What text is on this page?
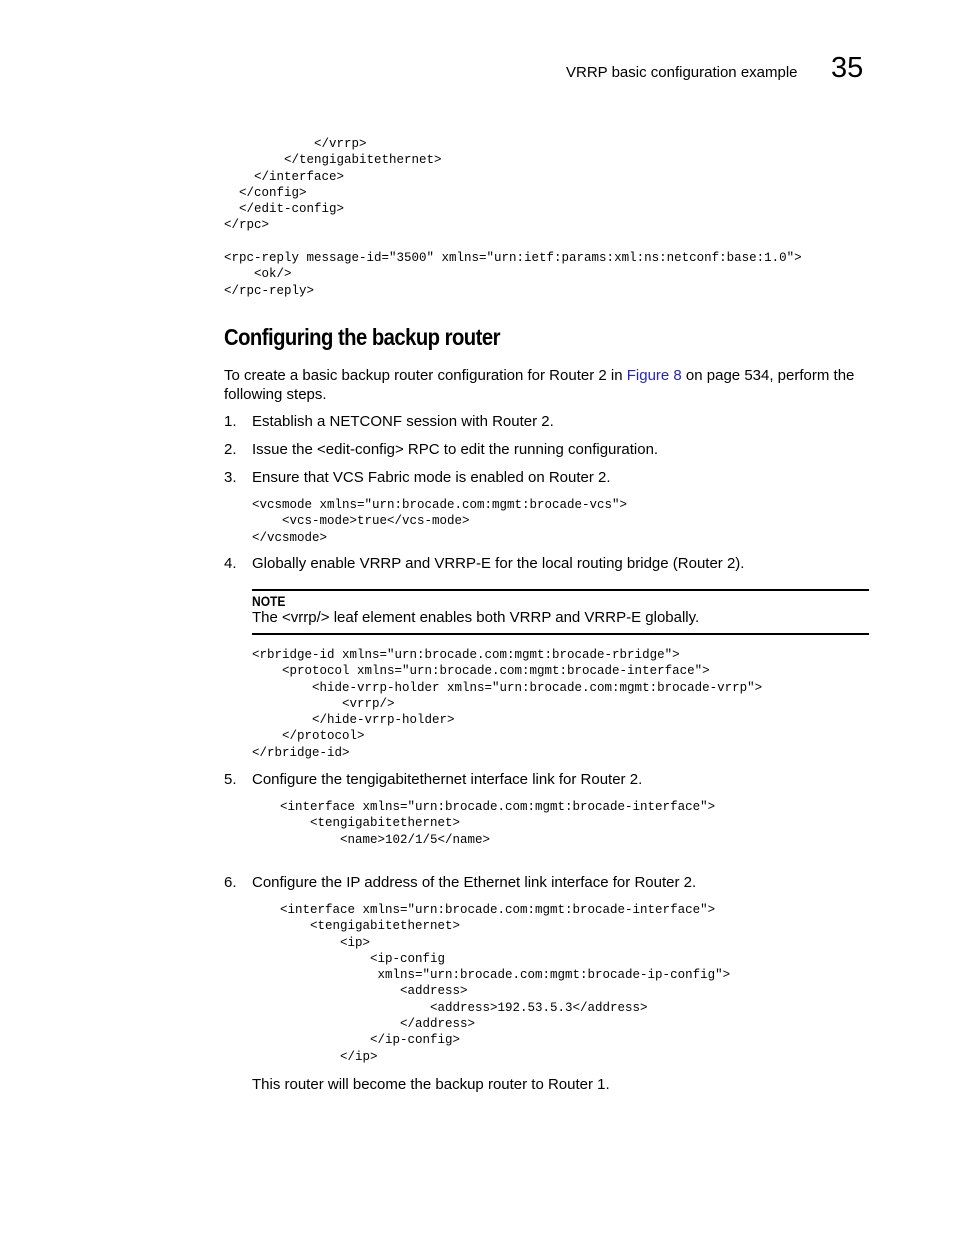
VRRP basic configuration example 35
</vrrp>
</tengigabitethernet>
</interface>
</config>
</edit-config>
</rpc>
<rpc-reply message-id="3500" xmlns="urn:ietf:params:xml:ns:netconf:base:1.0">
<ok/>
</rpc-reply>
Configuring the backup router
To create a basic backup router configuration for Router 2 in Figure 8 on page 534, perform the following steps.
1. Establish a NETCONF session with Router 2.
2. Issue the <edit-config> RPC to edit the running configuration.
3. Ensure that VCS Fabric mode is enabled on Router 2.
<vcsmode xmlns="urn:brocade.com:mgmt:brocade-vcs">
<vcs-mode>true</vcs-mode>
</vcsmode>
4. Globally enable VRRP and VRRP-E for the local routing bridge (Router 2).
NOTE
The <vrrp/> leaf element enables both VRRP and VRRP-E globally.
<rbridge-id xmlns="urn:brocade.com:mgmt:brocade-rbridge">
<protocol xmlns="urn:brocade.com:mgmt:brocade-interface">
<hide-vrrp-holder xmlns="urn:brocade.com:mgmt:brocade-vrrp">
<vrrp/>
</hide-vrrp-holder>
</protocol>
</rbridge-id>
5. Configure the tengigabitethernet interface link for Router 2.
<interface xmlns="urn:brocade.com:mgmt:brocade-interface">
<tengigabitethernet>
<name>102/1/5</name>
6. Configure the IP address of the Ethernet link interface for Router 2.
<interface xmlns="urn:brocade.com:mgmt:brocade-interface">
<tengigabitethernet>
<ip>
<ip-config
xmlns="urn:brocade.com:mgmt:brocade-ip-config">
<address>
<address>192.53.5.3</address>
</address>
</ip-config>
</ip>
This router will become the backup router to Router 1.
